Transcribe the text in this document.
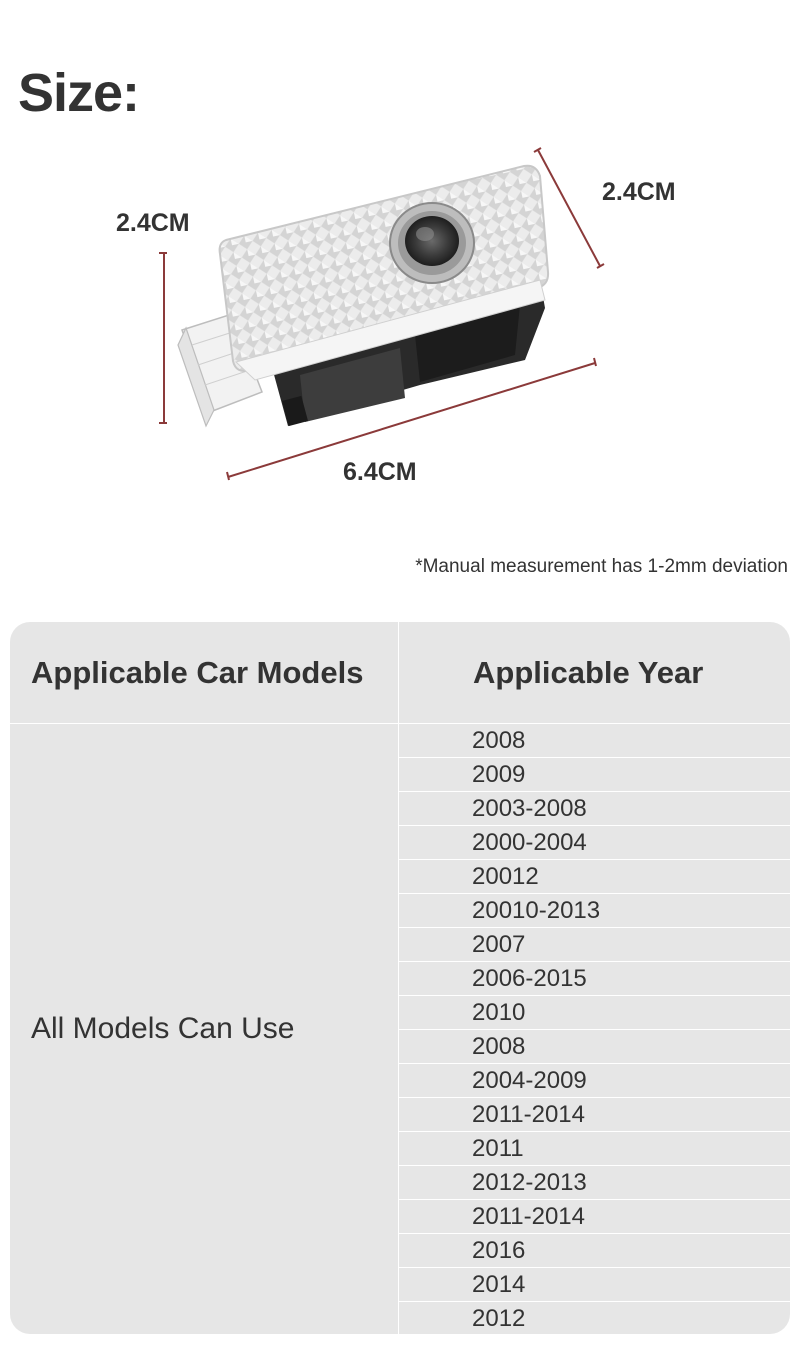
Size:
2.4CM
2.4CM
6.4CM
*Manual measurement has 1-2mm deviation
Applicable Car Models	Applicable Year
All Models Can Use
2008
2009
2003-2008
2000-2004
20012
20010-2013
2007
2006-2015
2010
2008
2004-2009
2011-2014
2011
2012-2013
2011-2014
2016
2014
2012
